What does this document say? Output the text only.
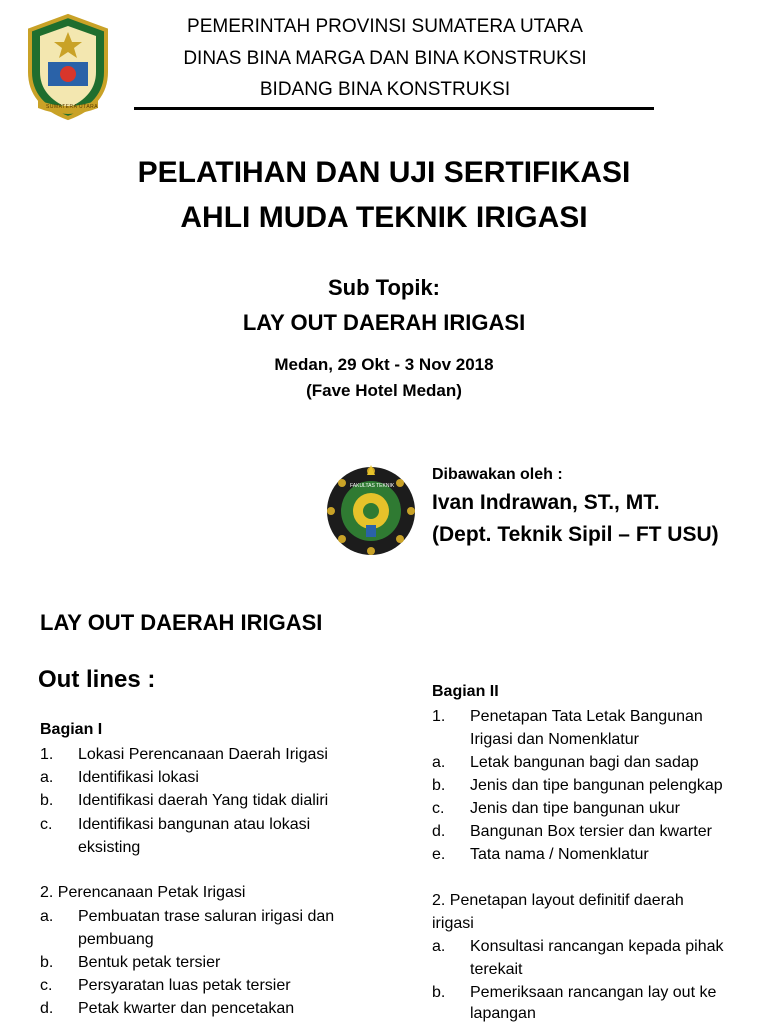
SUMATERA UTARA
PEMERINTAH PROVINSI SUMATERA UTARA
DINAS BINA MARGA DAN BINA KONSTRUKSI
BIDANG BINA KONSTRUKSI
PELATIHAN DAN UJI SERTIFIKASI
AHLI MUDA TEKNIK IRIGASI
Sub Topik:
LAY OUT DAERAH IRIGASI
Medan, 29 Okt - 3 Nov 2018
(Fave Hotel Medan)
FAKULTAS TEKNIK
Dibawakan oleh :
Ivan Indrawan, ST., MT.
(Dept. Teknik Sipil – FT USU)
LAY OUT DAERAH IRIGASI
Out lines :
Bagian I
1. Lokasi Perencanaan Daerah Irigasi
a. Identifikasi lokasi
b. Identifikasi daerah Yang tidak dialiri
c. Identifikasi bangunan atau lokasi
eksisting
2. Perencanaan Petak Irigasi
a. Pembuatan trase saluran irigasi dan
pembuang
b. Bentuk petak tersier
c. Persyaratan luas petak tersier
d. Petak kwarter dan pencetakan
Bagian II
1. Penetapan Tata Letak Bangunan
Irigasi dan Nomenklatur
a. Letak bangunan bagi dan sadap
b. Jenis dan tipe bangunan pelengkap
c. Jenis dan tipe bangunan ukur
d. Bangunan Box tersier dan kwarter
e. Tata nama / Nomenklatur
2. Penetapan layout definitif daerah
irigasi
a. Konsultasi rancangan kepada pihak
terekait
b. Pemeriksaan rancangan lay out ke
lapangan
